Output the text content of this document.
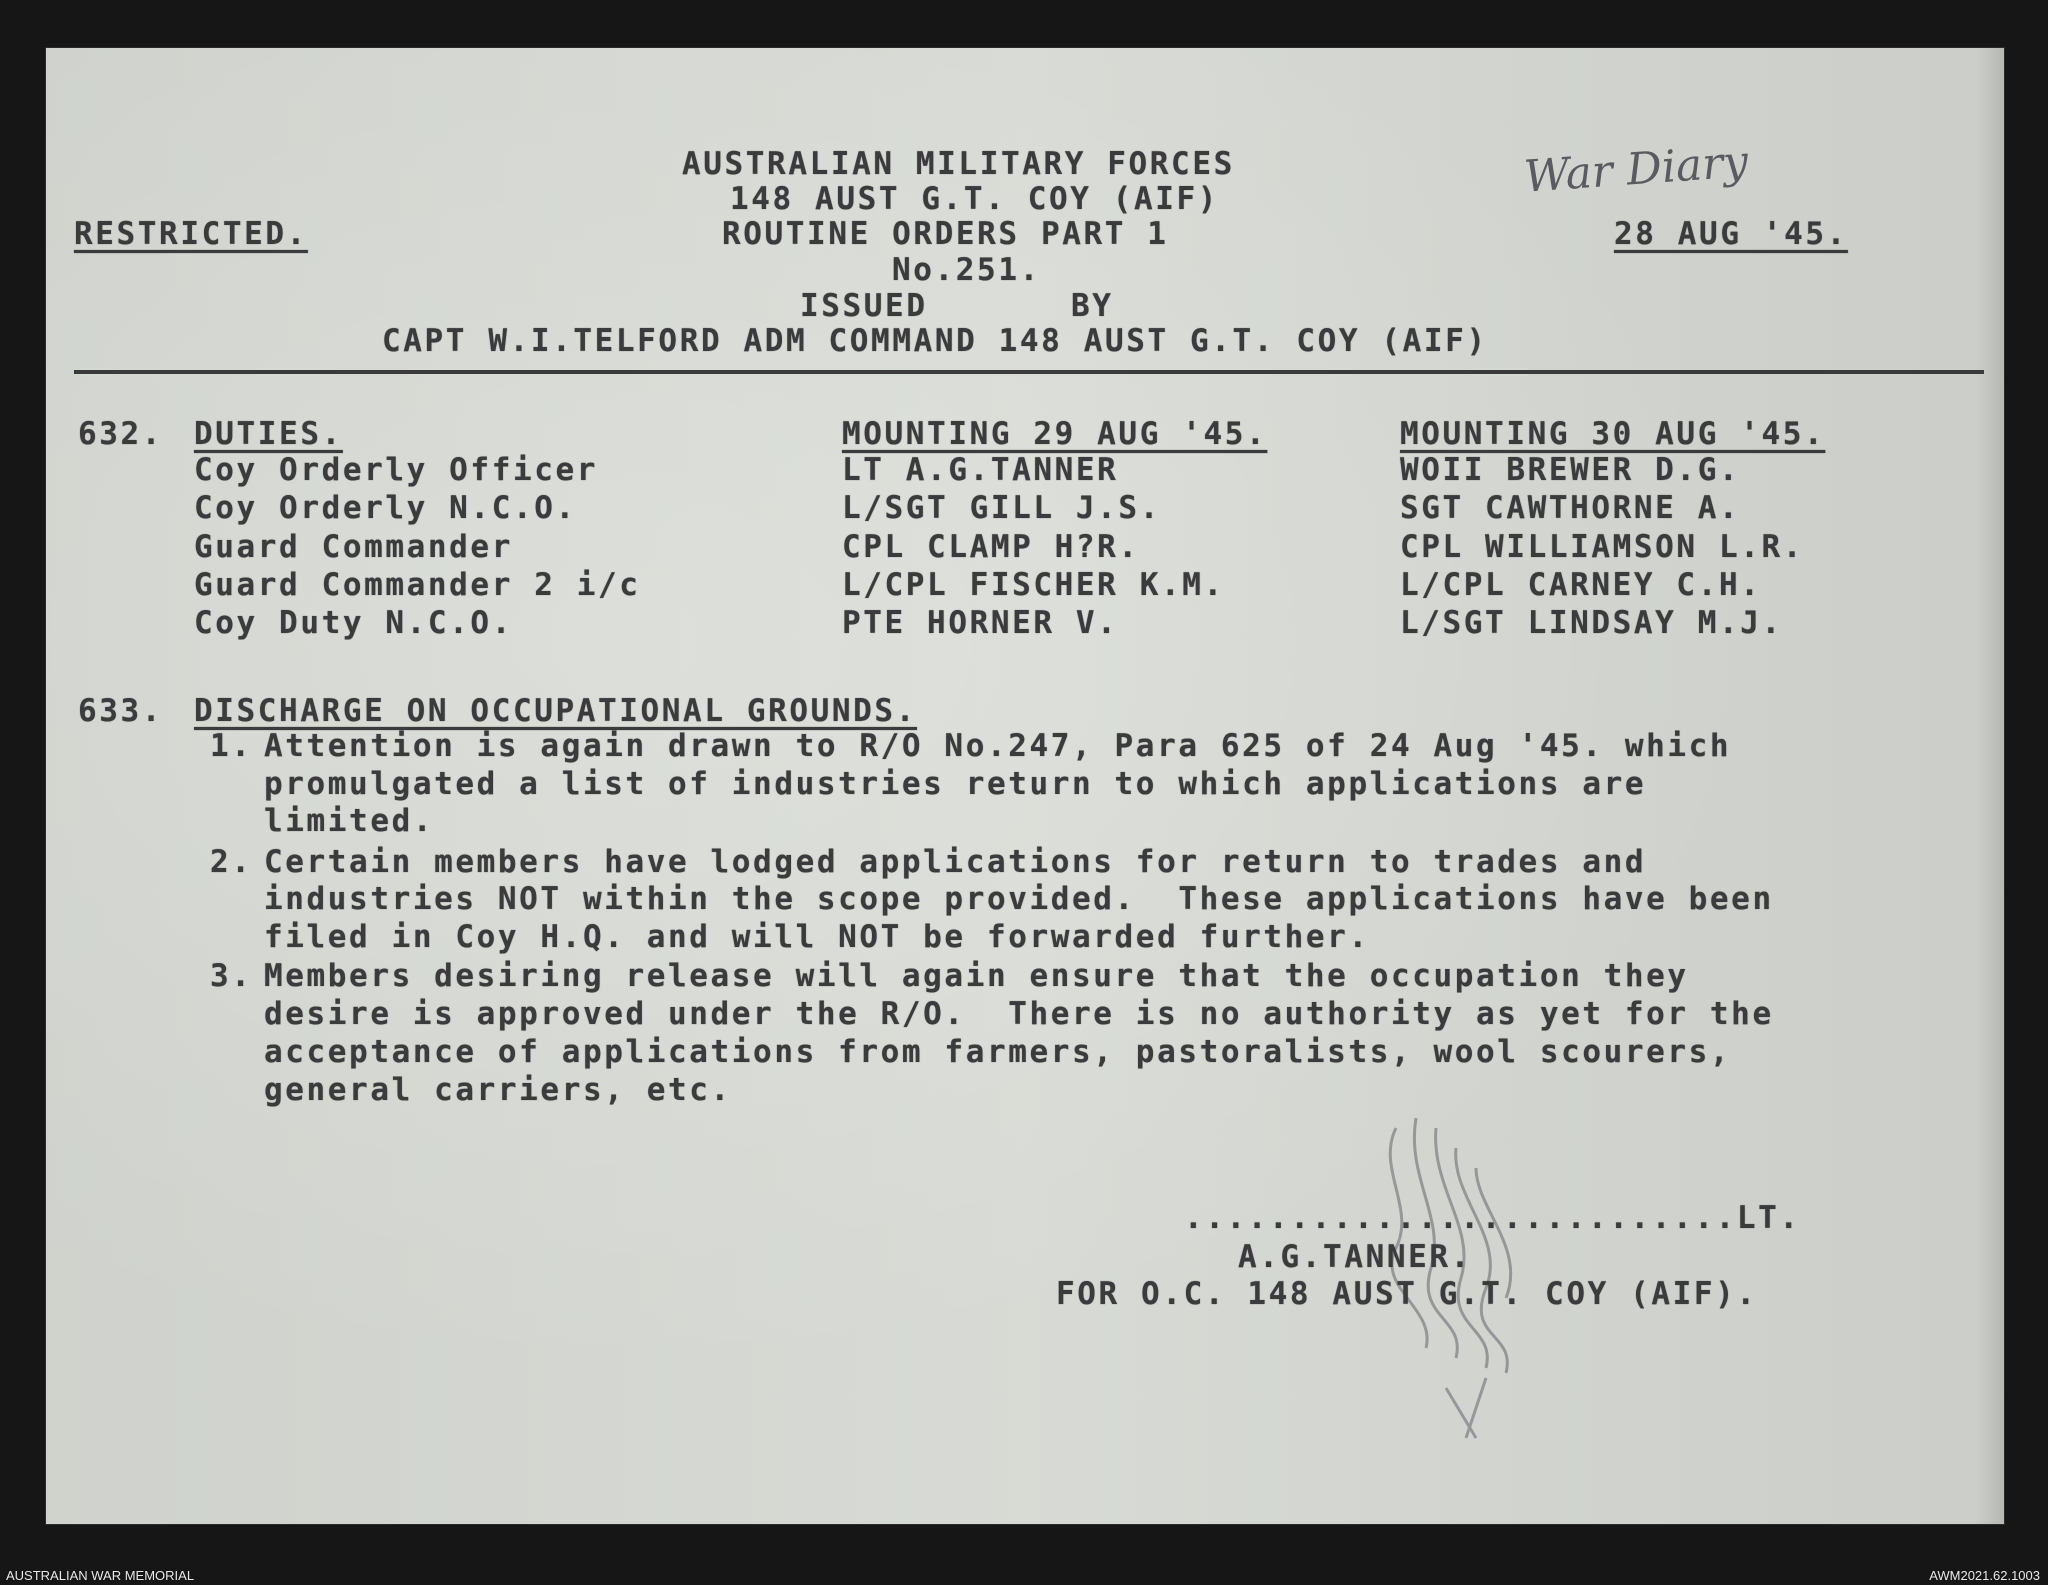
War Diary
AUSTRALIAN MILITARY FORCES
148 AUST G.T. COY (AIF)
RESTRICTED.	ROUTINE ORDERS PART 1	28 AUG '45.
No.251.
ISSUED	BY
CAPT W.I.TELFORD ADM COMMAND 148 AUST G.T. COY (AIF)
632. DUTIES.	MOUNTING 29 AUG '45.	MOUNTING 30 AUG '45.
Coy Orderly Officer	LT A.G.TANNER	WOII BREWER D.G.
Coy Orderly N.C.O.	L/SGT GILL J.S.	SGT CAWTHORNE A.
Guard Commander	CPL CLAMP H?R.	CPL WILLIAMSON L.R.
Guard Commander 2 i/c	L/CPL FISCHER K.M.	L/CPL CARNEY C.H.
Coy Duty N.C.O.	PTE HORNER V.	L/SGT LINDSAY M.J.
633. DISCHARGE ON OCCUPATIONAL GROUNDS.
1. Attention is again drawn to R/O No.247, Para 625 of 24 Aug '45. which
promulgated a list of industries return to which applications are
limited.
2. Certain members have lodged applications for return to trades and
industries NOT within the scope provided.  These applications have been
filed in Coy H.Q. and will NOT be forwarded further.
3. Members desiring release will again ensure that the occupation they
desire is approved under the R/O.  There is no authority as yet for the
acceptance of applications from farmers, pastoralists, wool scourers,
general carriers, etc.
..........................LT.
A.G.TANNER.
FOR O.C. 148 AUST G.T. COY (AIF).
AUSTRALIAN WAR MEMORIAL	AWM2021.62.1003
